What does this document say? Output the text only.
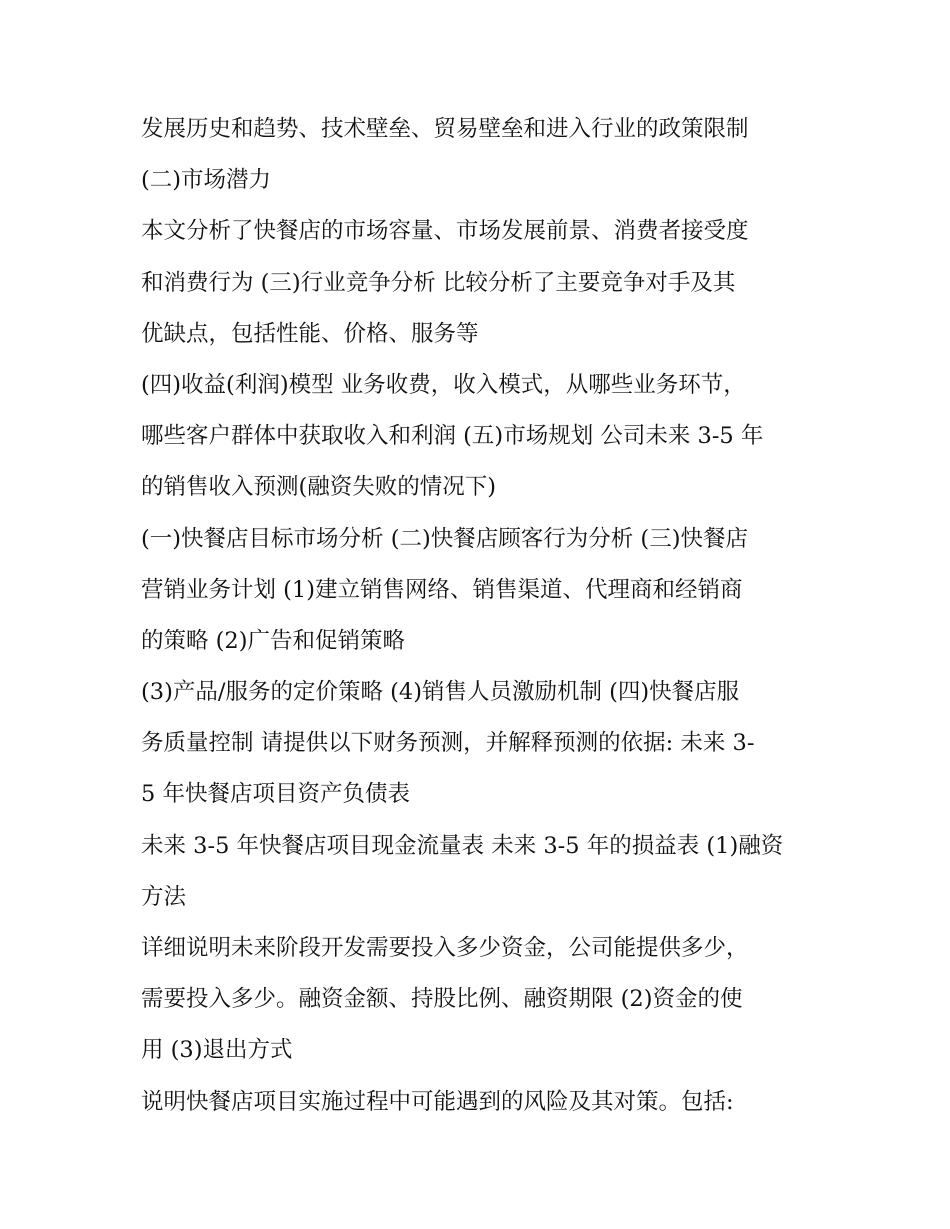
发展历史和趋势、技术壁垒、贸易壁垒和进入行业的政策限制
(二)市场潜力
本文分析了快餐店的市场容量、市场发展前景、消费者接受度
和消费行为 (三)行业竞争分析 比较分析了主要竞争对手及其
优缺点，包括性能、价格、服务等
(四)收益(利润)模型 业务收费，收入模式，从哪些业务环节，
哪些客户群体中获取收入和利润 (五)市场规划 公司未来 3-5 年
的销售收入预测(融资失败的情况下)
(一)快餐店目标市场分析 (二)快餐店顾客行为分析 (三)快餐店
营销业务计划 (1)建立销售网络、销售渠道、代理商和经销商
的策略 (2)广告和促销策略
(3)产品/服务的定价策略 (4)销售人员激励机制 (四)快餐店服
务质量控制 请提供以下财务预测，并解释预测的依据: 未来 3-
5 年快餐店项目资产负债表
未来 3-5 年快餐店项目现金流量表 未来 3-5 年的损益表 (1)融资
方法
详细说明未来阶段开发需要投入多少资金，公司能提供多少，
需要投入多少。融资金额、持股比例、融资期限 (2)资金的使
用 (3)退出方式
说明快餐店项目实施过程中可能遇到的风险及其对策。包括:
